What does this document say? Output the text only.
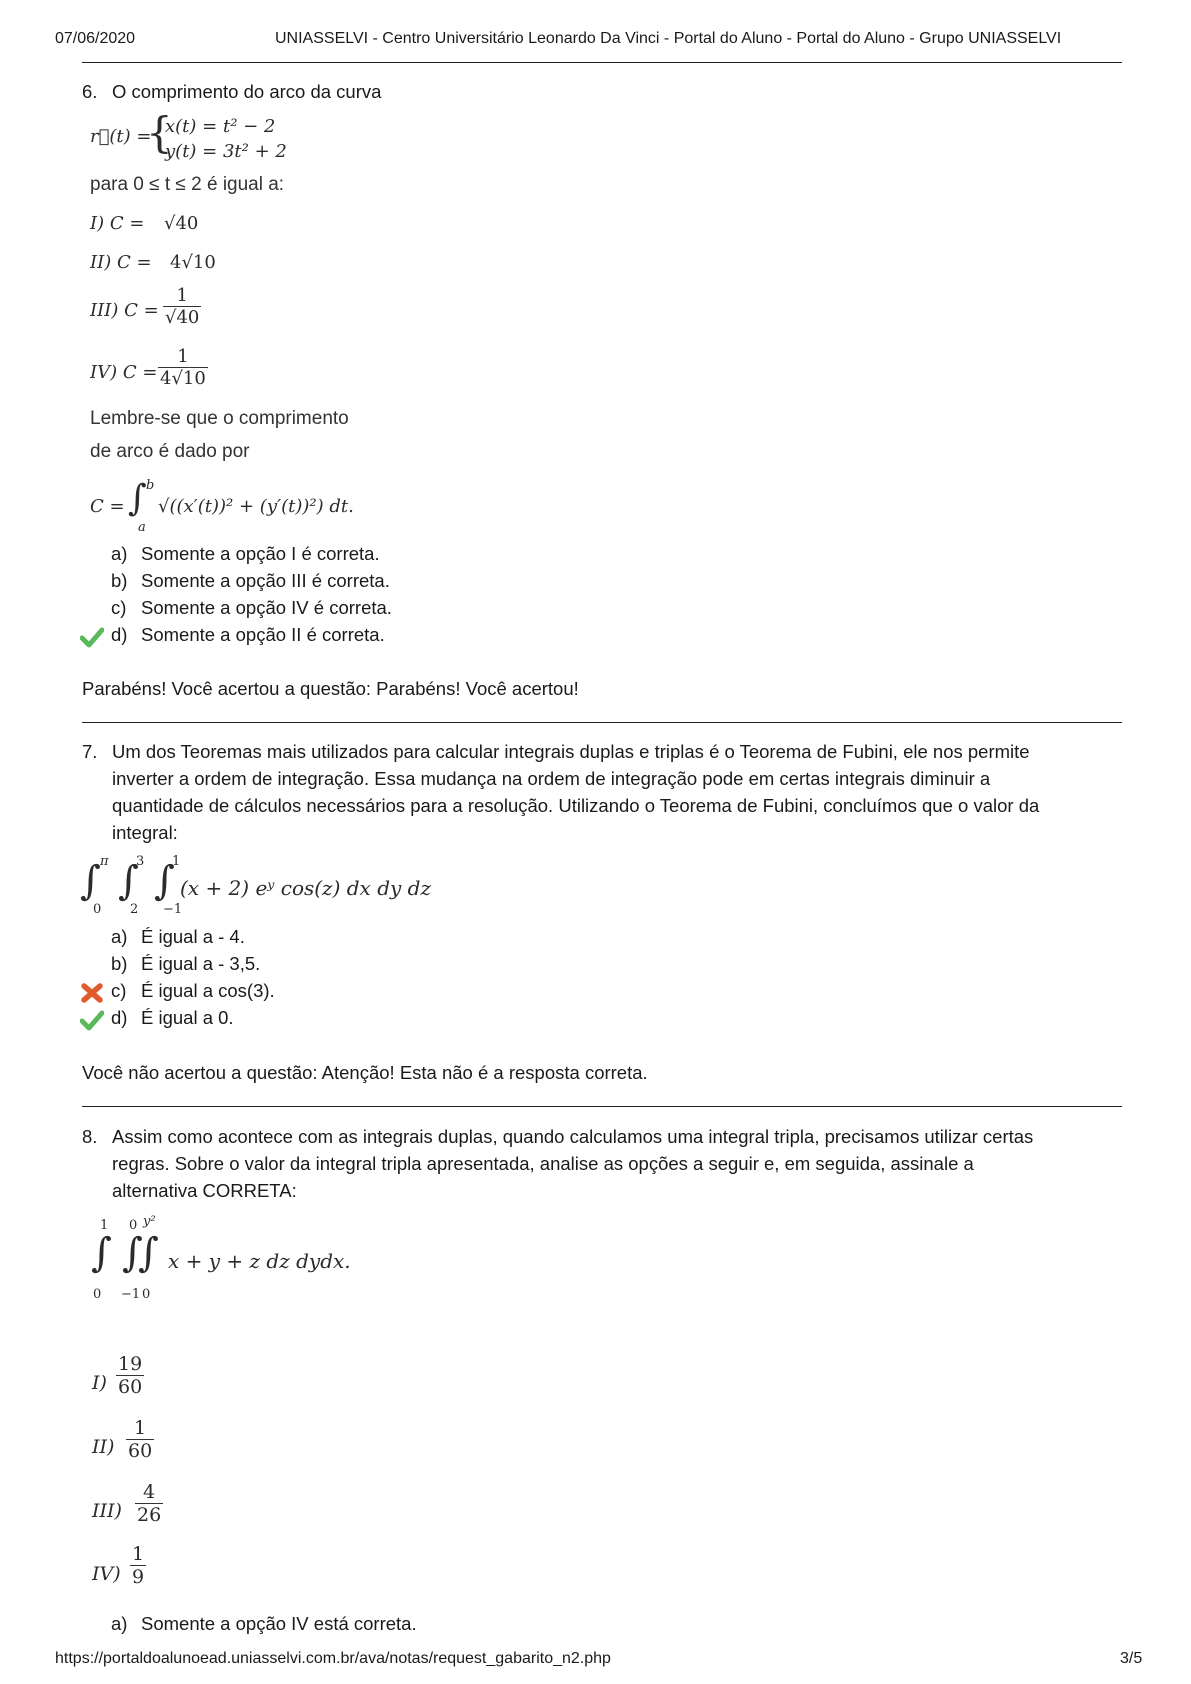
07/06/2020	UNIASSELVI - Centro Universitário Leonardo Da Vinci - Portal do Aluno - Portal do Aluno - Grupo UNIASSELVI
6. O comprimento do arco da curva
r⃗(t) =
{
x(t) = t² − 2
y(t) = 3t² + 2
para 0 ≤ t ≤ 2 é igual a:
I) C = √40
II) C = 4√10
III) $C = \frac{1}{√40}$
IV) $C = \frac{1}{4√10}$
Lembre-se que o comprimento
de arco é dado por
C = ∫ b
a
√((x′(t))² + (y′(t))²) dt.
a) Somente a opção I é correta.
b) Somente a opção III é correta.
c) Somente a opção IV é correta.
d) Somente a opção II é correta.
Parabéns! Você acertou a questão: Parabéns! Você acertou!
7. Um dos Teoremas mais utilizados para calcular integrais duplas e triplas é o Teorema de Fubini, ele nos permite
inverter a ordem de integração. Essa mudança na ordem de integração pode em certas integrais diminuir a
quantidade de cálculos necessários para a resolução. Utilizando o Teorema de Fubini, concluímos que o valor da
integral:
∫ π
0
∫
3
2
∫
1
−1
(x + 2) eʸ cos(z) dx dy dz
a) É igual a - 4.
b) É igual a - 3,5.
c) É igual a cos(3).
d) É igual a 0.
Você não acertou a questão: Atenção! Esta não é a resposta correta.
8. Assim como acontece com as integrais duplas, quando calculamos uma integral tripla, precisamos utilizar certas
regras. Sobre o valor da integral tripla apresentada, analise as opções a seguir e, em seguida, assinale a
alternativa CORRETA:
1
∫
0
0
∫
−1
y²
∫
0
x + y + z dz dydx.
$I) \frac{19}{60}$
$II) \frac{1}{60}$
$III) \frac{4}{26}$
$IV) \frac{1}{9}$
a) Somente a opção IV está correta.
https://portaldoalunoead.uniasselvi.com.br/ava/notas/request_gabarito_n2.php	3/5
